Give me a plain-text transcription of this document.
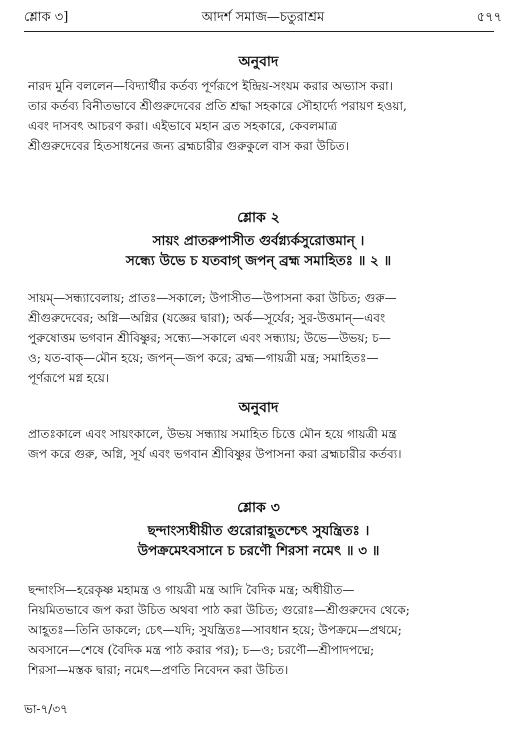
শ্লোক ৩]	আদর্শ সমাজ—চতুরাশ্রম	৫৭৭
অনুবাদ
নারদ মুনি বললেন—বিদ্যার্থীর কর্তব্য পূর্ণরূপে ইন্দ্রিয়-সংযম করার অভ্যাস করা।
তার কর্তব্য বিনীতভাবে শ্রীগুরুদেবের প্রতি শ্রদ্ধা সহকারে সৌহার্দ্যে পরায়ণ হওয়া,
এবং দাসবৎ আচরণ করা। এইভাবে মহান ব্রত সহকারে, কেবলমাত্র
শ্রীগুরুদেবের হিতসাধনের জন্য ব্রহ্মচারীর গুরুকুলে বাস করা উচিত।
শ্লোক ২
সায়ং প্রাতরুপাসীত গুর্বগ্ন্যর্কসুরোত্তমান্ ।
সন্ধ্যে উভে চ যতবাগ্ জপন্ ব্রহ্ম সমাহিতঃ ॥ ২ ॥
সায়ম্—সন্ধ্যাবেলায়; প্রাতঃ—সকালে; উপাসীত—উপাসনা করা উচিত; গুরু—
শ্রীগুরুদেবের; অগ্নি—অগ্নির (যজ্ঞের দ্বারা); অর্ক—সূর্যের; সুর-উত্তমান্—এবং
পুরুষোত্তম ভগবান শ্রীবিষ্ণুর; সন্ধ্যে—সকালে এবং সন্ধ্যায়; উভে—উভয়; চ—
ও; যত-বাক্—মৌন হয়ে; জপন্—জপ করে; ব্রহ্ম—গায়ত্রী মন্ত্র; সমাহিতঃ—
পূর্ণরূপে মগ্ন হয়ে।
অনুবাদ
প্রাতঃকালে এবং সায়ংকালে, উভয় সন্ধ্যায় সমাহিত চিত্তে মৌন হয়ে গায়ত্রী মন্ত্র
জপ করে গুরু, অগ্নি, সূর্য এবং ভগবান শ্রীবিষ্ণুর উপাসনা করা ব্রহ্মচারীর কর্তব্য।
শ্লোক ৩
ছন্দাংস্যধীয়ীত গুরোরাহূতশ্চেৎ সুযন্ত্রিতঃ ।
উপক্রমেঽবসানে চ চরণৌ শিরসা নমেৎ ॥ ৩ ॥
ছন্দাংসি—হরেকৃষ্ণ মহামন্ত্র ও গায়ত্রী মন্ত্র আদি বৈদিক মন্ত্র; অধীয়ীত—
নিয়মিতভাবে জপ করা উচিত অথবা পাঠ করা উচিত; গুরোঃ—শ্রীগুরুদেব থেকে;
আহূতঃ—তিনি ডাকলে; চেৎ—যদি; সুযন্ত্রিতঃ—সাবধান হয়ে; উপক্রমে—প্রথমে;
অবসানে—শেষে (বৈদিক মন্ত্র পাঠ করার পর); চ—ও; চরণৌ—শ্রীপাদপদ্মে;
শিরসা—মস্তক দ্বারা; নমেৎ—প্রণতি নিবেদন করা উচিত।
ভা-৭/৩৭
